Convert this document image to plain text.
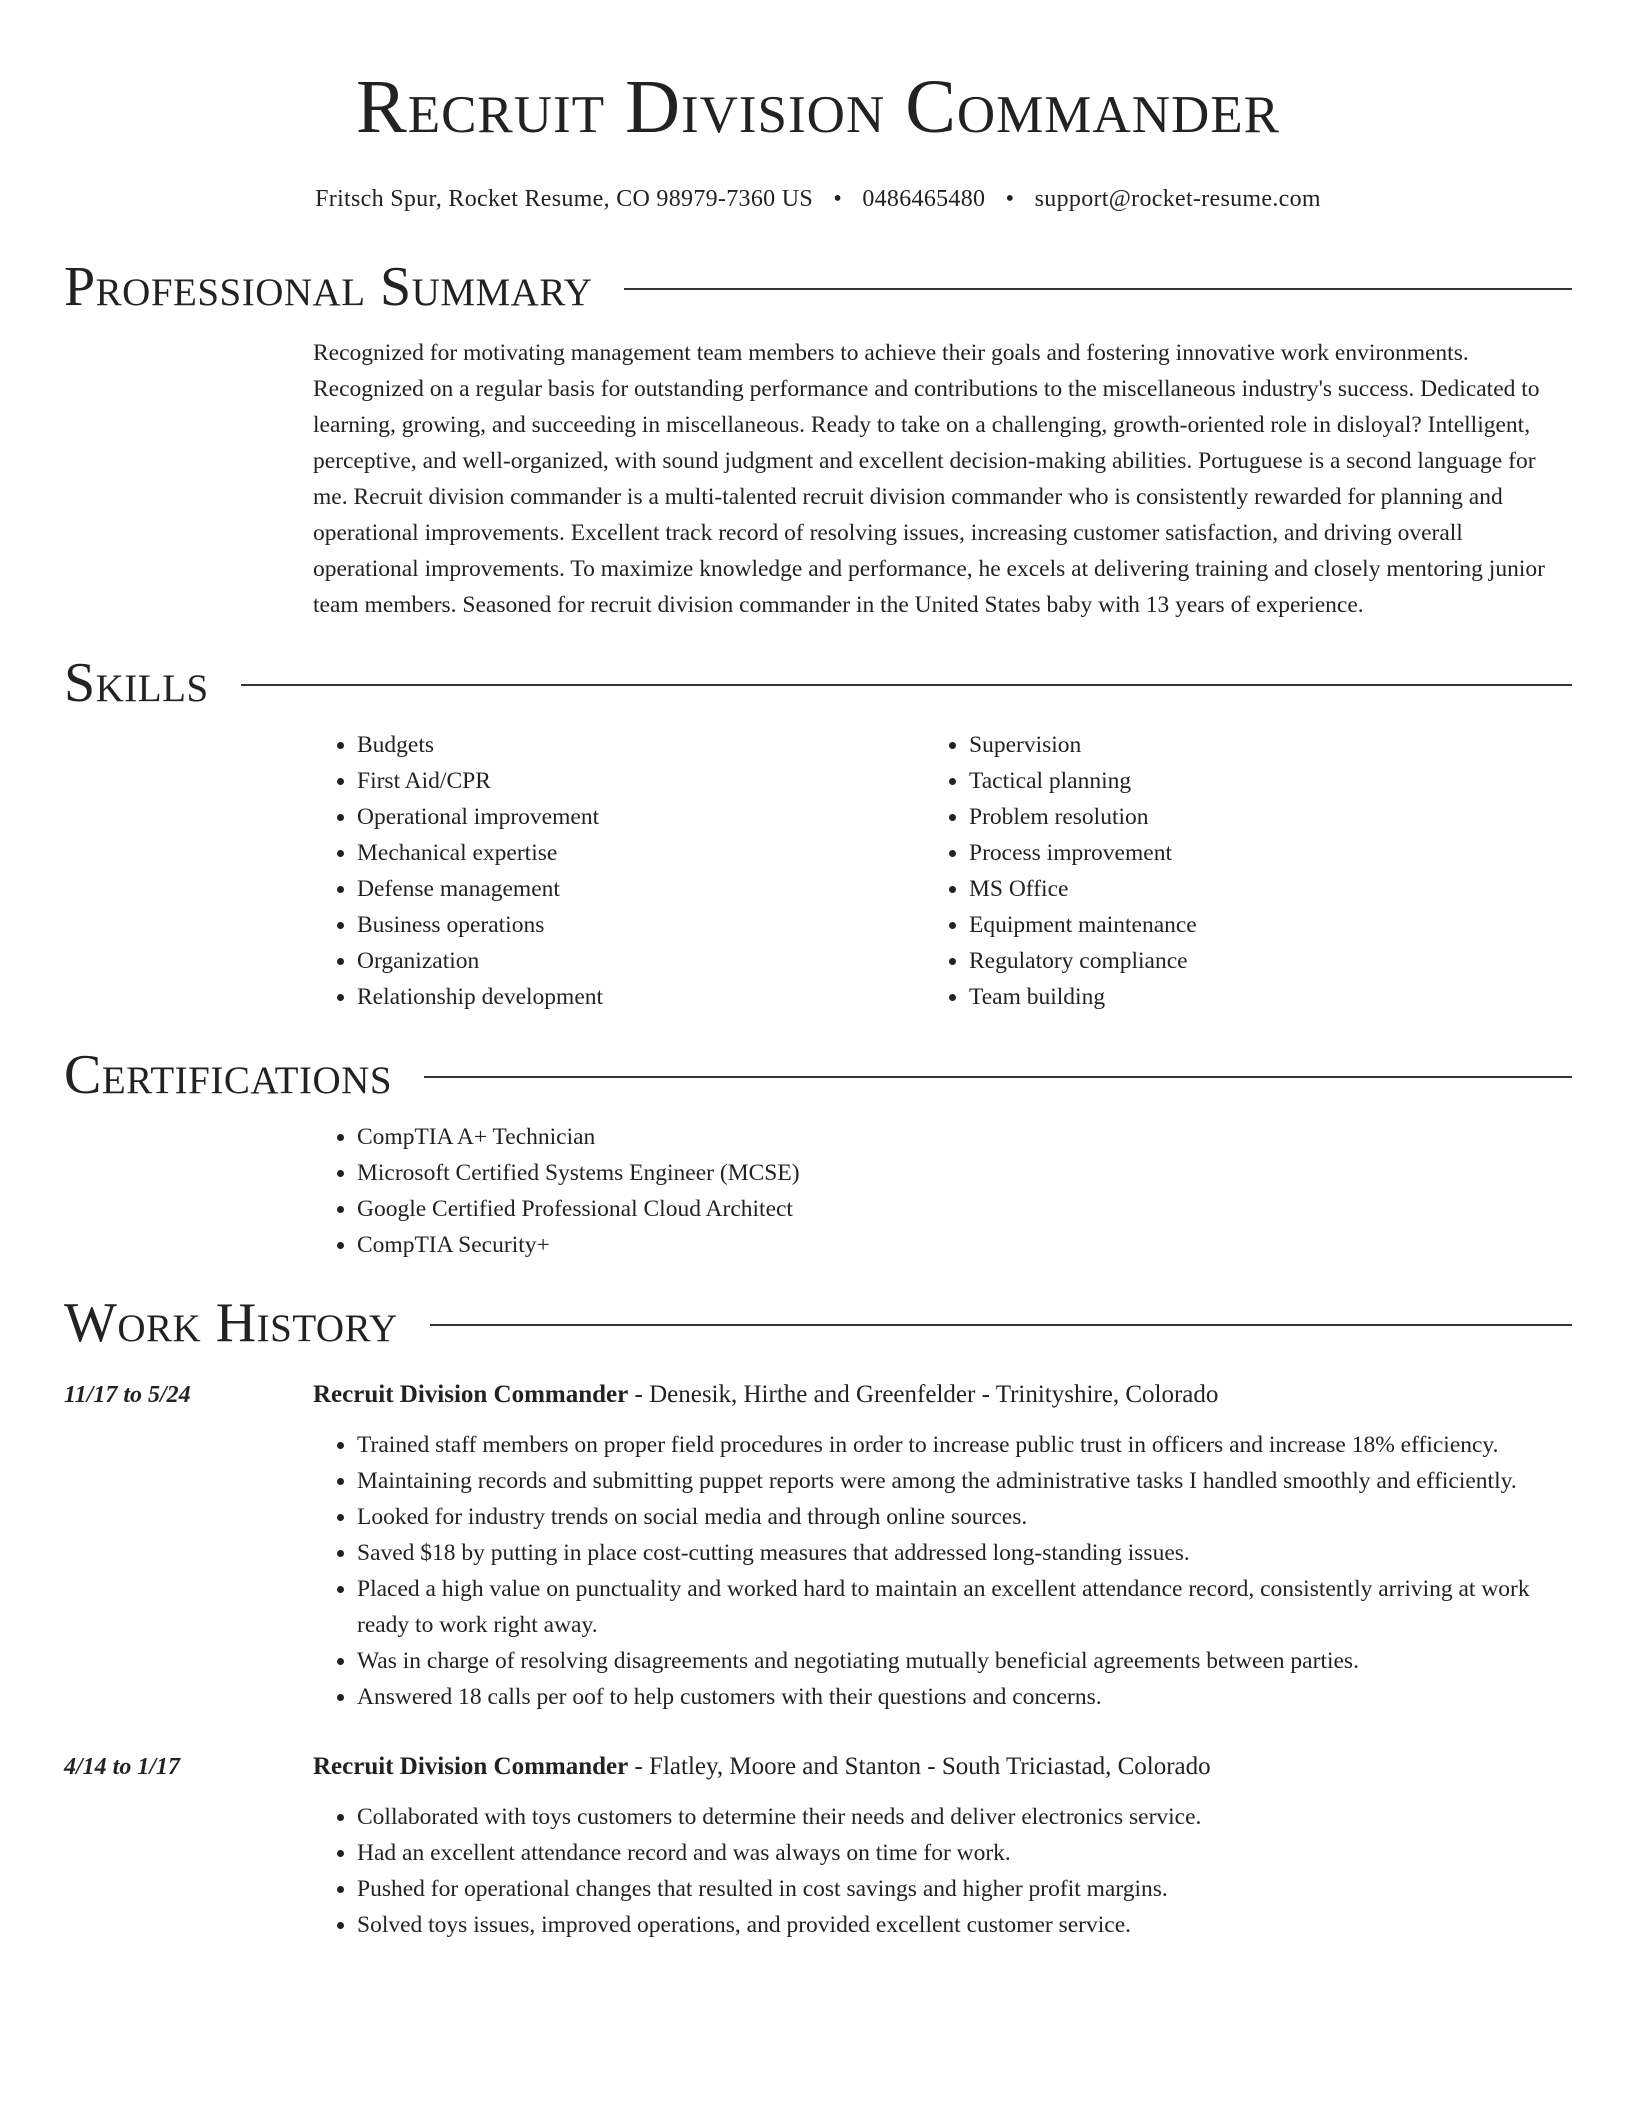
Recruit Division Commander
Fritsch Spur, Rocket Resume, CO 98979-7360 US • 0486465480 • support@rocket-resume.com
Professional Summary
Recognized for motivating management team members to achieve their goals and fostering innovative work environments. Recognized on a regular basis for outstanding performance and contributions to the miscellaneous industry's success. Dedicated to learning, growing, and succeeding in miscellaneous. Ready to take on a challenging, growth-oriented role in disloyal? Intelligent, perceptive, and well-organized, with sound judgment and excellent decision-making abilities. Portuguese is a second language for me. Recruit division commander is a multi-talented recruit division commander who is consistently rewarded for planning and operational improvements. Excellent track record of resolving issues, increasing customer satisfaction, and driving overall operational improvements. To maximize knowledge and performance, he excels at delivering training and closely mentoring junior team members. Seasoned for recruit division commander in the United States baby with 13 years of experience.
Skills
• Budgets
• First Aid/CPR
• Operational improvement
• Mechanical expertise
• Defense management
• Business operations
• Organization
• Relationship development
• Supervision
• Tactical planning
• Problem resolution
• Process improvement
• MS Office
• Equipment maintenance
• Regulatory compliance
• Team building
Certifications
• CompTIA A+ Technician
• Microsoft Certified Systems Engineer (MCSE)
• Google Certified Professional Cloud Architect
• CompTIA Security+
Work History
11/17 to 5/24	Recruit Division Commander - Denesik, Hirthe and Greenfelder - Trinityshire, Colorado
• Trained staff members on proper field procedures in order to increase public trust in officers and increase 18% efficiency.
• Maintaining records and submitting puppet reports were among the administrative tasks I handled smoothly and efficiently.
• Looked for industry trends on social media and through online sources.
• Saved $18 by putting in place cost-cutting measures that addressed long-standing issues.
• Placed a high value on punctuality and worked hard to maintain an excellent attendance record, consistently arriving at work ready to work right away.
• Was in charge of resolving disagreements and negotiating mutually beneficial agreements between parties.
• Answered 18 calls per oof to help customers with their questions and concerns.
4/14 to 1/17	Recruit Division Commander - Flatley, Moore and Stanton - South Triciastad, Colorado
• Collaborated with toys customers to determine their needs and deliver electronics service.
• Had an excellent attendance record and was always on time for work.
• Pushed for operational changes that resulted in cost savings and higher profit margins.
• Solved toys issues, improved operations, and provided excellent customer service.
